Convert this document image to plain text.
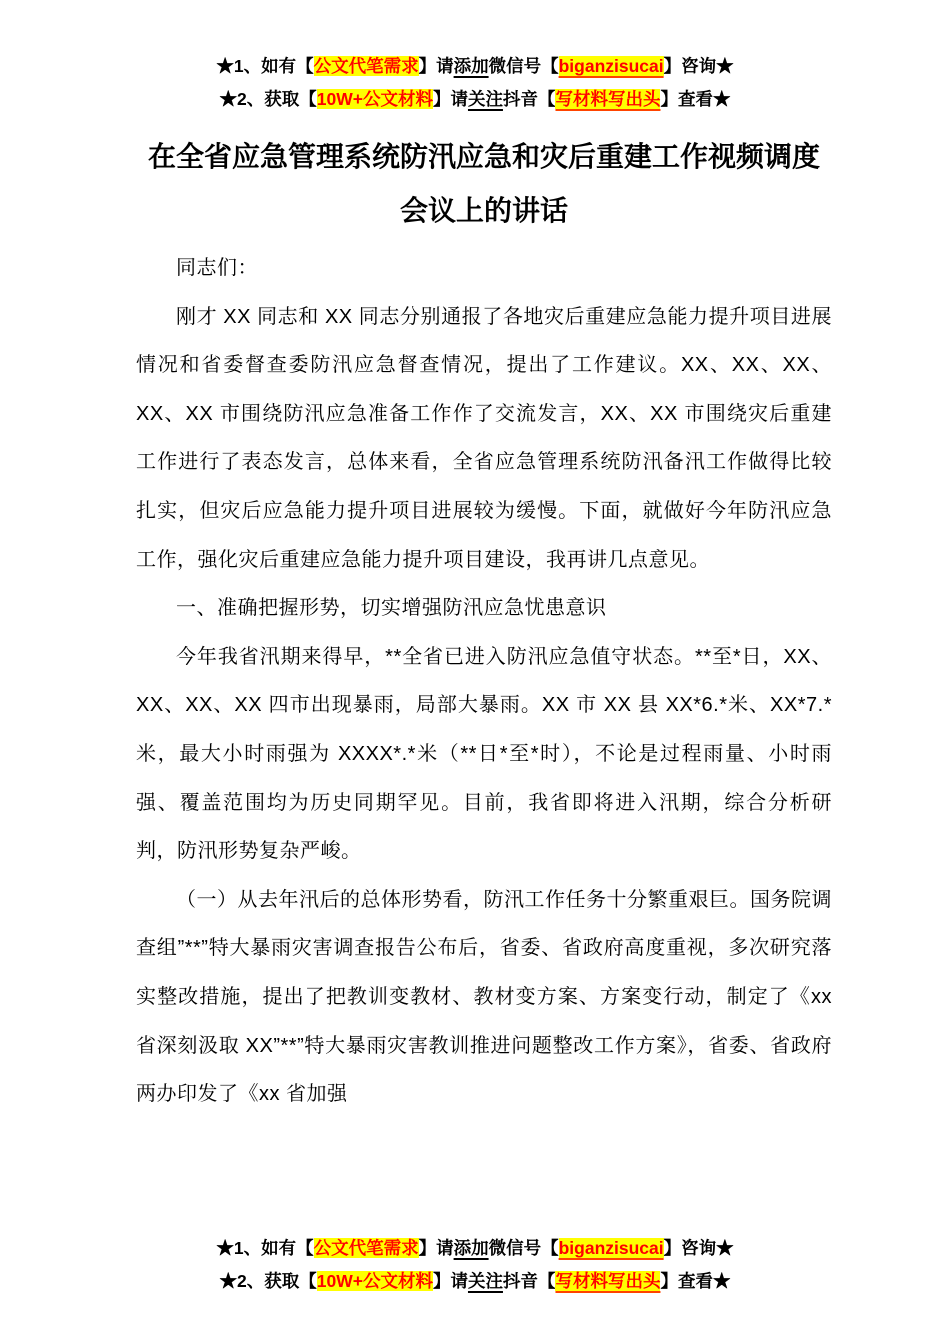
★1、如有【公文代笔需求】请添加微信号【biganzisucai】咨询★
★2、获取【10W+公文材料】请关注抖音【写材料写出头】查看★
在全省应急管理系统防汛应急和灾后重建工作视频调度会议上的讲话

同志们：

刚才 XX 同志和 XX 同志分别通报了各地灾后重建应急能力提升项目进展情况和省委督查委防汛应急督查情况，提出了工作建议。XX、XX、XX、XX、XX 市围绕防汛应急准备工作作了交流发言，XX、XX 市围绕灾后重建工作进行了表态发言，总体来看，全省应急管理系统防汛备汛工作做得比较扎实，但灾后应急能力提升项目进展较为缓慢。下面，就做好今年防汛应急工作，强化灾后重建应急能力提升项目建设，我再讲几点意见。

一、准确把握形势，切实增强防汛应急忧患意识

今年我省汛期来得早，**全省已进入防汛应急值守状态。**至*日，XX、XX、XX、XX 四市出现暴雨，局部大暴雨。XX 市 XX 县 XX*6.*米、XX*7.*米，最大小时雨强为 XXXX*.*米（**日*至*时），不论是过程雨量、小时雨强、覆盖范围均为历史同期罕见。目前，我省即将进入汛期，综合分析研判，防汛形势复杂严峻。

（一）从去年汛后的总体形势看，防汛工作任务十分繁重艰巨。国务院调查组”**”特大暴雨灾害调查报告公布后，省委、省政府高度重视，多次研究落实整改措施，提出了把教训变教材、教材变方案、方案变行动，制定了《xx 省深刻汲取 XX”**”特大暴雨灾害教训推进问题整改工作方案》，省委、省政府两办印发了《xx 省加强

★1、如有【公文代笔需求】请添加微信号【biganzisucai】咨询★
★2、获取【10W+公文材料】请关注抖音【写材料写出头】查看★
